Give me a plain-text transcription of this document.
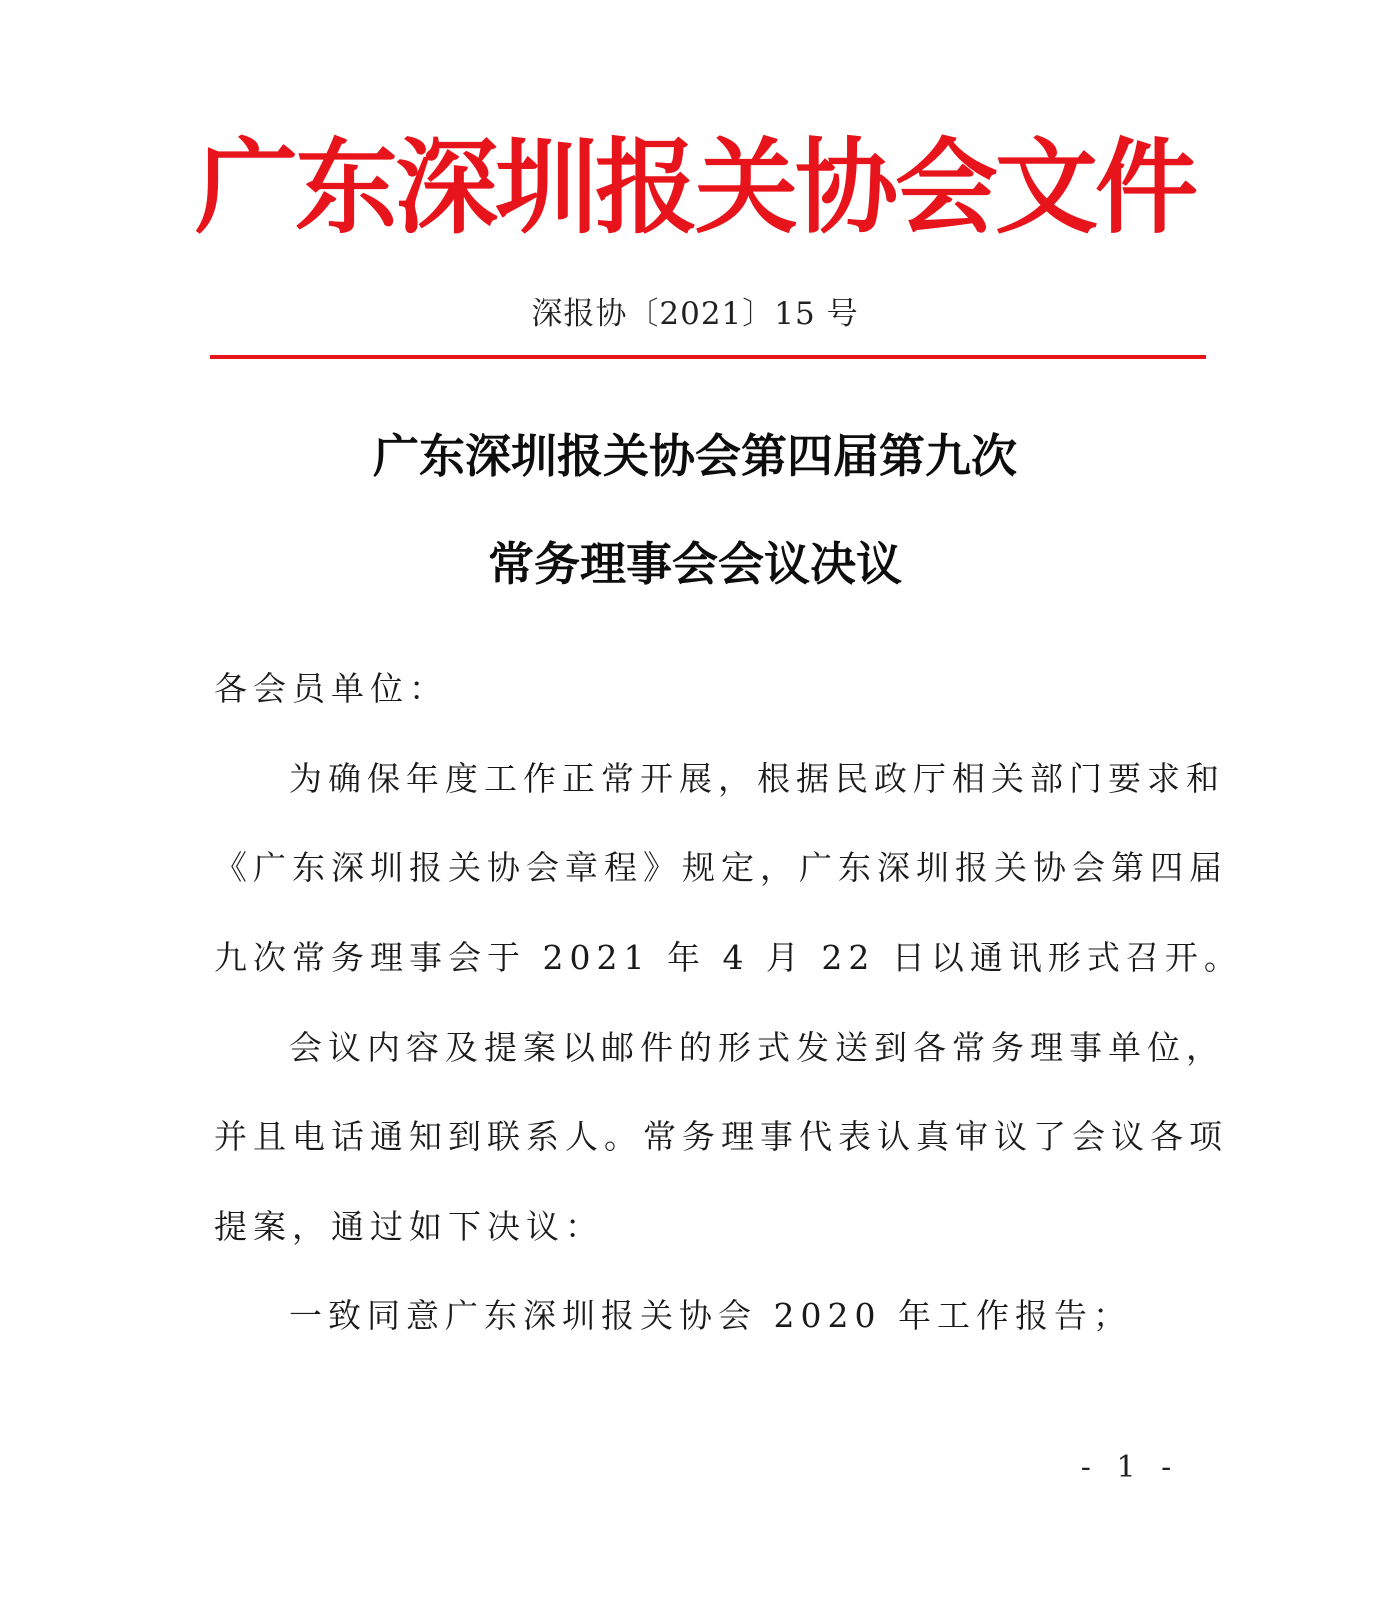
广东深圳报关协会文件
深报协〔2021〕15 号
广东深圳报关协会第四届第九次
常务理事会会议决议
各会员单位：
为确保年度工作正常开展，根据民政厅相关部门要求和
《广东深圳报关协会章程》规定，广东深圳报关协会第四届
九次常务理事会于 2021 年 4 月 22 日以通讯形式召开。
会议内容及提案以邮件的形式发送到各常务理事单位，
并且电话通知到联系人。常务理事代表认真审议了会议各项
提案，通过如下决议：
一致同意广东深圳报关协会 2020 年工作报告；
- 1 -
